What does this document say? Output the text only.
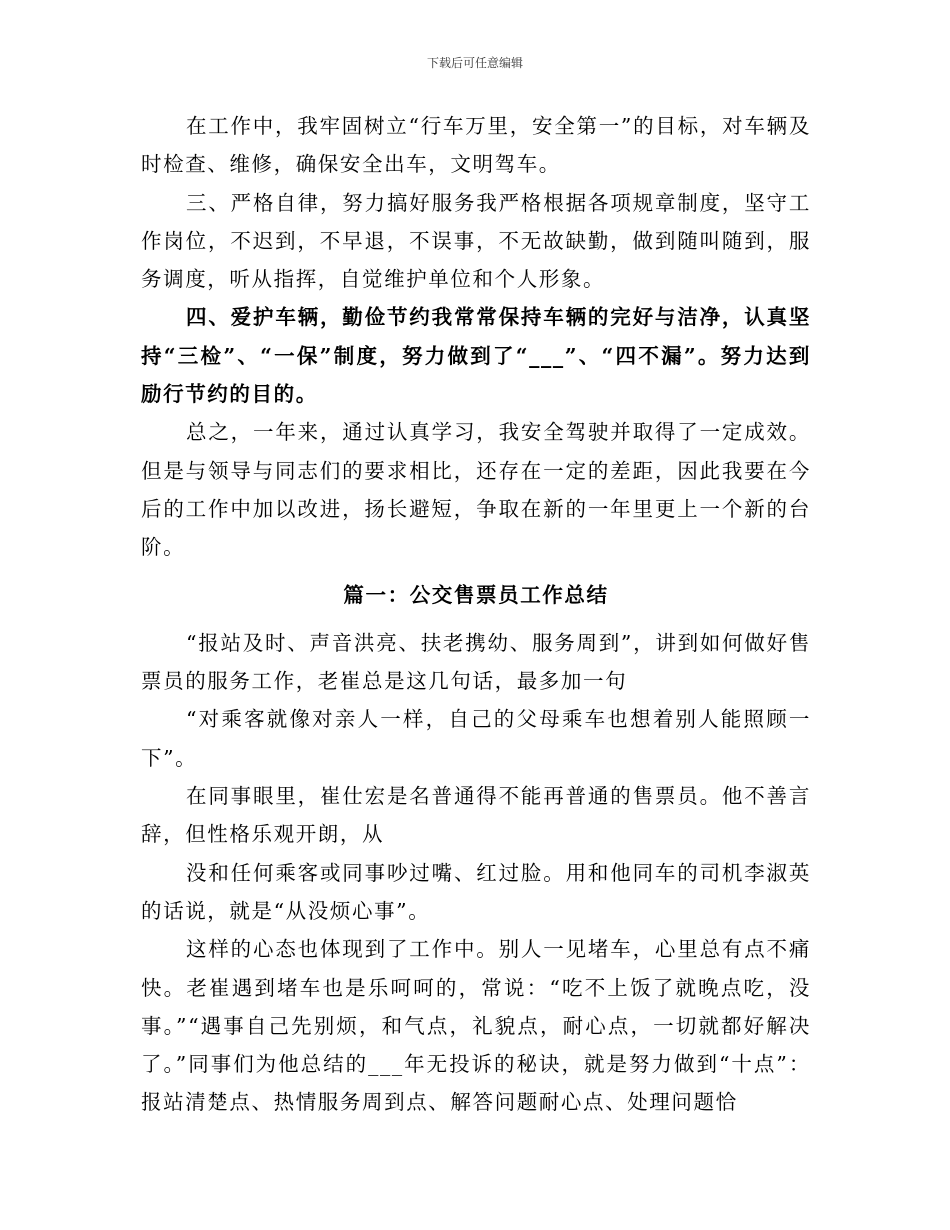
下载后可任意编辑

在工作中，我牢固树立“行车万里，安全第一”的目标，对车辆及时检查、维修，确保安全出车，文明驾车。

三、严格自律，努力搞好服务我严格根据各项规章制度，坚守工作岗位，不迟到，不早退，不误事，不无故缺勤，做到随叫随到，服务调度，听从指挥，自觉维护单位和个人形象。

四、爱护车辆，勤俭节约我常常保持车辆的完好与洁净，认真坚持“三检”、“一保”制度，努力做到了“___”、“四不漏”。努力达到励行节约的目的。

总之，一年来，通过认真学习，我安全驾驶并取得了一定成效。但是与领导与同志们的要求相比，还存在一定的差距，因此我要在今后的工作中加以改进，扬长避短，争取在新的一年里更上一个新的台阶。

篇一：公交售票员工作总结

“报站及时、声音洪亮、扶老携幼、服务周到”，讲到如何做好售票员的服务工作，老崔总是这几句话，最多加一句

“对乘客就像对亲人一样，自己的父母乘车也想着别人能照顾一下”。

在同事眼里，崔仕宏是名普通得不能再普通的售票员。他不善言辞，但性格乐观开朗，从

没和任何乘客或同事吵过嘴、红过脸。用和他同车的司机李淑英的话说，就是“从没烦心事”。

这样的心态也体现到了工作中。别人一见堵车，心里总有点不痛快。老崔遇到堵车也是乐呵呵的，常说：“吃不上饭了就晚点吃，没事。”“遇事自己先别烦，和气点，礼貌点，耐心点，一切就都好解决了。”同事们为他总结的___年无投诉的秘诀，就是努力做到“十点”：报站清楚点、热情服务周到点、解答问题耐心点、处理问题恰
